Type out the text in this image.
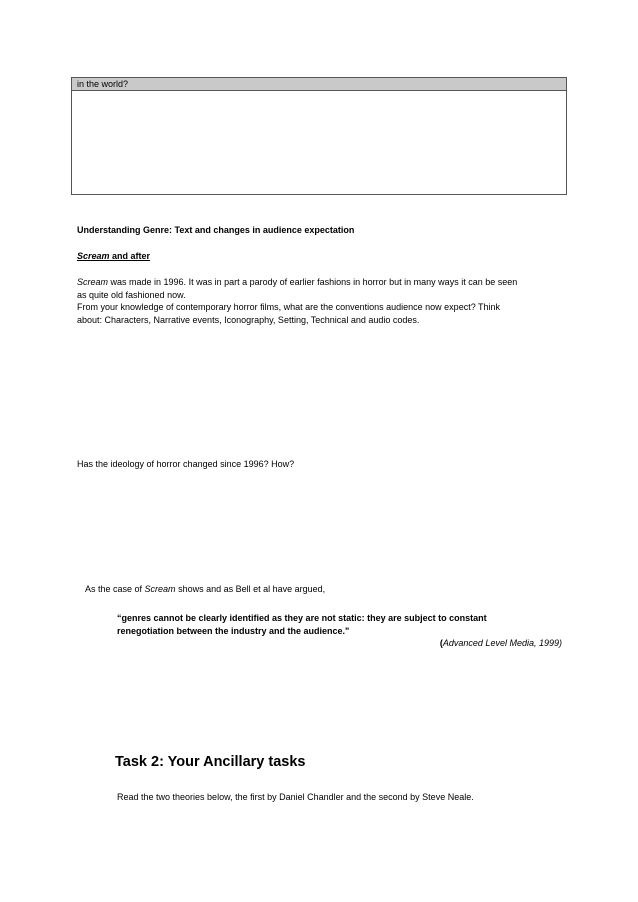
in the world?
Understanding Genre: Text and changes in audience expectation
Scream and after
Scream was made in 1996. It was in part a parody of earlier fashions in horror but in many ways it can be seen
as quite old fashioned now.
From your knowledge of contemporary horror films, what are the conventions audience now expect? Think
about: Characters, Narrative events, Iconography, Setting, Technical and audio codes.
Has the ideology of horror changed since 1996? How?
As the case of Scream shows and as Bell et al have argued,
“genres cannot be clearly identified as they are not static: they are subject to constant
renegotiation between the industry and the audience."
(Advanced Level Media, 1999)
Task 2: Your Ancillary tasks
Read the two theories below, the first by Daniel Chandler and the second by Steve Neale.
